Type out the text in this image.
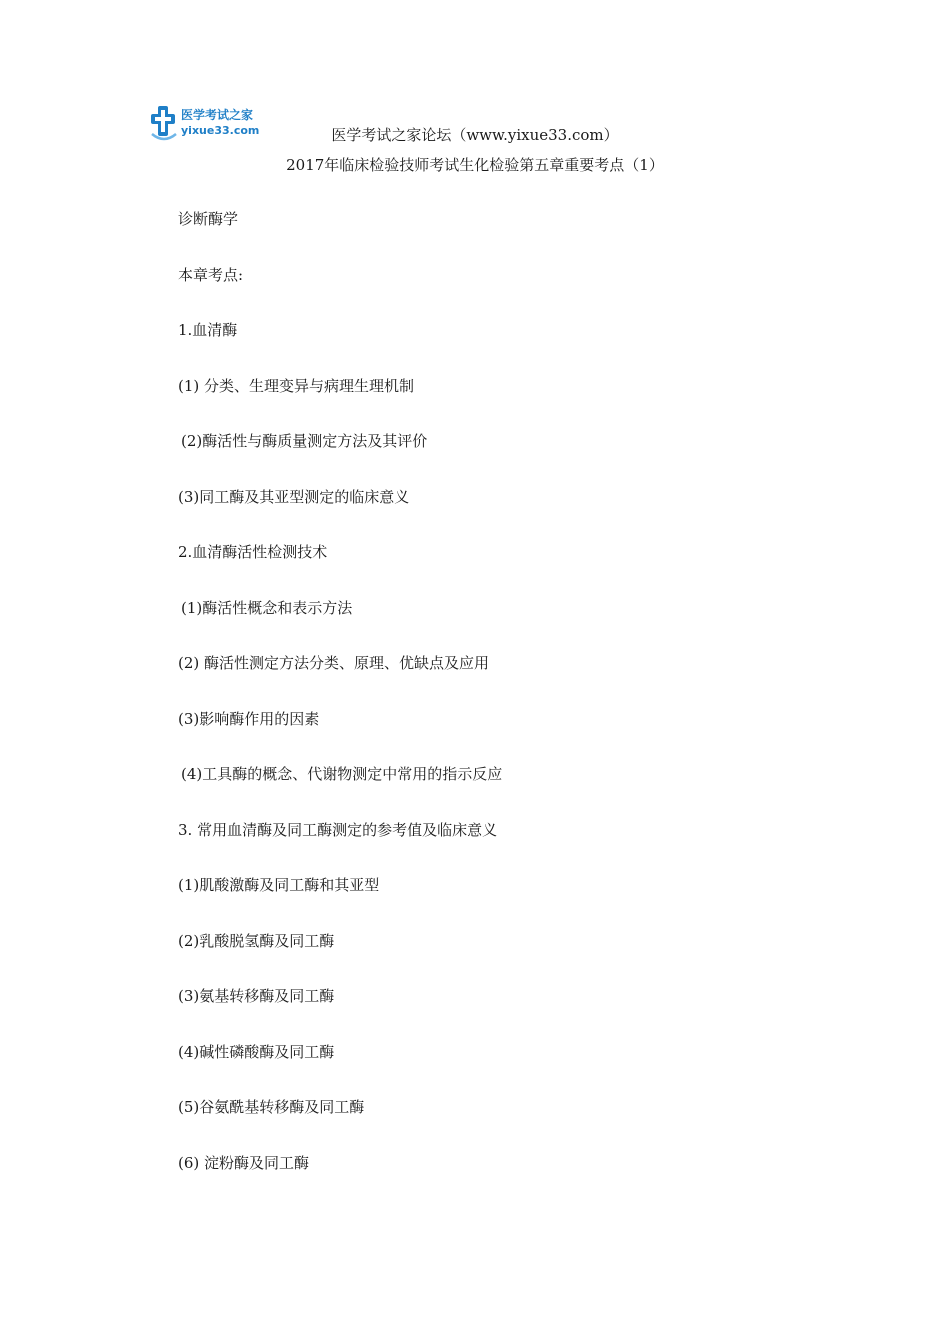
医学考试之家
yixue33.com	医学考试之家论坛（www.yixue33.com）
2017年临床检验技师考试生化检验第五章重要考点（1）
诊断酶学
本章考点:
1.血清酶
(1) 分类、生理变异与病理生理机制
(2)酶活性与酶质量测定方法及其评价
(3)同工酶及其亚型测定的临床意义
2.血清酶活性检测技术
(1)酶活性概念和表示方法
(2) 酶活性测定方法分类、原理、优缺点及应用
(3)影响酶作用的因素
(4)工具酶的概念、代谢物测定中常用的指示反应
3. 常用血清酶及同工酶测定的参考值及临床意义
(1)肌酸激酶及同工酶和其亚型
(2)乳酸脱氢酶及同工酶
(3)氨基转移酶及同工酶
(4)碱性磷酸酶及同工酶
(5)谷氨酰基转移酶及同工酶
(6) 淀粉酶及同工酶
